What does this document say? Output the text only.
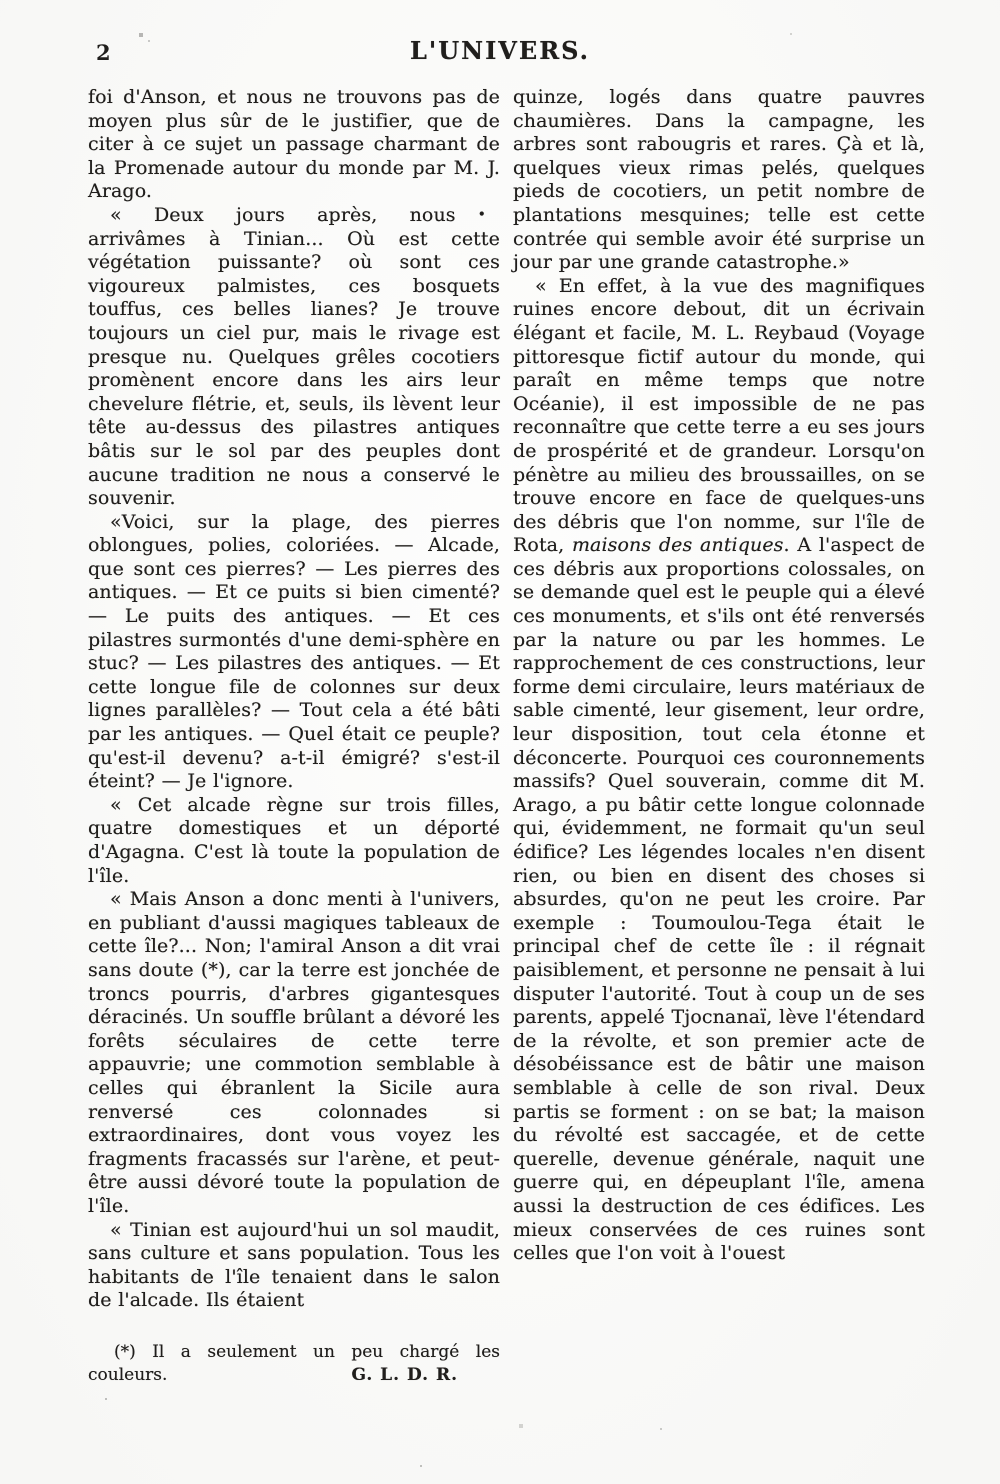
2	L'UNIVERS.

foi d'Anson, et nous ne trouvons pas de moyen plus sûr de le justifier, que de citer à ce sujet un passage charmant de la Promenade autour du monde par M. J. Arago.

•
« Deux jours après, nous arrivâmes à Tinian... Où est cette végétation puissante? où sont ces vigoureux palmistes, ces bosquets touffus, ces belles lianes? Je trouve toujours un ciel pur, mais le rivage est presque nu. Quelques grêles cocotiers promènent encore dans les airs leur chevelure flétrie, et, seuls, ils lèvent leur tête au-dessus des pilastres antiques bâtis sur le sol par des peuples dont aucune tradition ne nous a conservé le souvenir.

«Voici, sur la plage, des pierres oblongues, polies, coloriées. — Alcade, que sont ces pierres? — Les pierres des antiques. — Et ce puits si bien cimenté? — Le puits des antiques. — Et ces pilastres surmontés d'une demi-sphère en stuc? — Les pilastres des antiques. — Et cette longue file de colonnes sur deux lignes parallèles? — Tout cela a été bâti par les antiques. — Quel était ce peuple? qu'est-il devenu? a-t-il émigré? s'est-il éteint? — Je l'ignore.

« Cet alcade règne sur trois filles, quatre domestiques et un déporté d'Agagna. C'est là toute la population de l'île.

« Mais Anson a donc menti à l'univers, en publiant d'aussi magiques tableaux de cette île?... Non; l'amiral Anson a dit vrai sans doute (*), car la terre est jonchée de troncs pourris, d'arbres gigantesques déracinés. Un souffle brûlant a dévoré les forêts séculaires de cette terre appauvrie; une commotion semblable à celles qui ébranlent la Sicile aura renversé ces colonnades si extraordinaires, dont vous voyez les fragments fracassés sur l'arène, et peut-être aussi dévoré toute la population de l'île.

« Tinian est aujourd'hui un sol maudit, sans culture et sans population. Tous les habitants de l'île tenaient dans le salon de l'alcade. Ils étaient

(*) Il a seulement un peu chargé les couleurs.	G. L. D. R.

quinze, logés dans quatre pauvres chaumières. Dans la campagne, les arbres sont rabougris et rares. Çà et là, quelques vieux rimas pelés, quelques pieds de cocotiers, un petit nombre de plantations mesquines; telle est cette contrée qui semble avoir été surprise un jour par une grande catastrophe.»

« En effet, à la vue des magnifiques ruines encore debout, dit un écrivain élégant et facile, M. L. Reybaud (Voyage pittoresque fictif autour du monde, qui paraît en même temps que notre Océanie), il est impossible de ne pas reconnaître que cette terre a eu ses jours de prospérité et de grandeur. Lorsqu'on pénètre au milieu des broussailles, on se trouve encore en face de quelques-uns des débris que l'on nomme, sur l'île de Rota, maisons des antiques. A l'aspect de ces débris aux proportions colossales, on se demande quel est le peuple qui a élevé ces monuments, et s'ils ont été renversés par la nature ou par les hommes. Le rapprochement de ces constructions, leur forme demi circulaire, leurs matériaux de sable cimenté, leur gisement, leur ordre, leur disposition, tout cela étonne et déconcerte. Pourquoi ces couronnements massifs? Quel souverain, comme dit M. Arago, a pu bâtir cette longue colonnade qui, évidemment, ne formait qu'un seul édifice? Les légendes locales n'en disent rien, ou bien en disent des choses si absurdes, qu'on ne peut les croire. Par exemple : Toumoulou-Tega était le principal chef de cette île : il régnait paisiblement, et personne ne pensait à lui disputer l'autorité. Tout à coup un de ses parents, appelé Tjocnanaï, lève l'étendard de la révolte, et son premier acte de désobéissance est de bâtir une maison semblable à celle de son rival. Deux partis se forment : on se bat; la maison du révolté est saccagée, et de cette querelle, devenue générale, naquit une guerre qui, en dépeuplant l'île, amena aussi la destruction de ces édifices. Les mieux conservées de ces ruines sont celles que l'on voit à l'ouest
